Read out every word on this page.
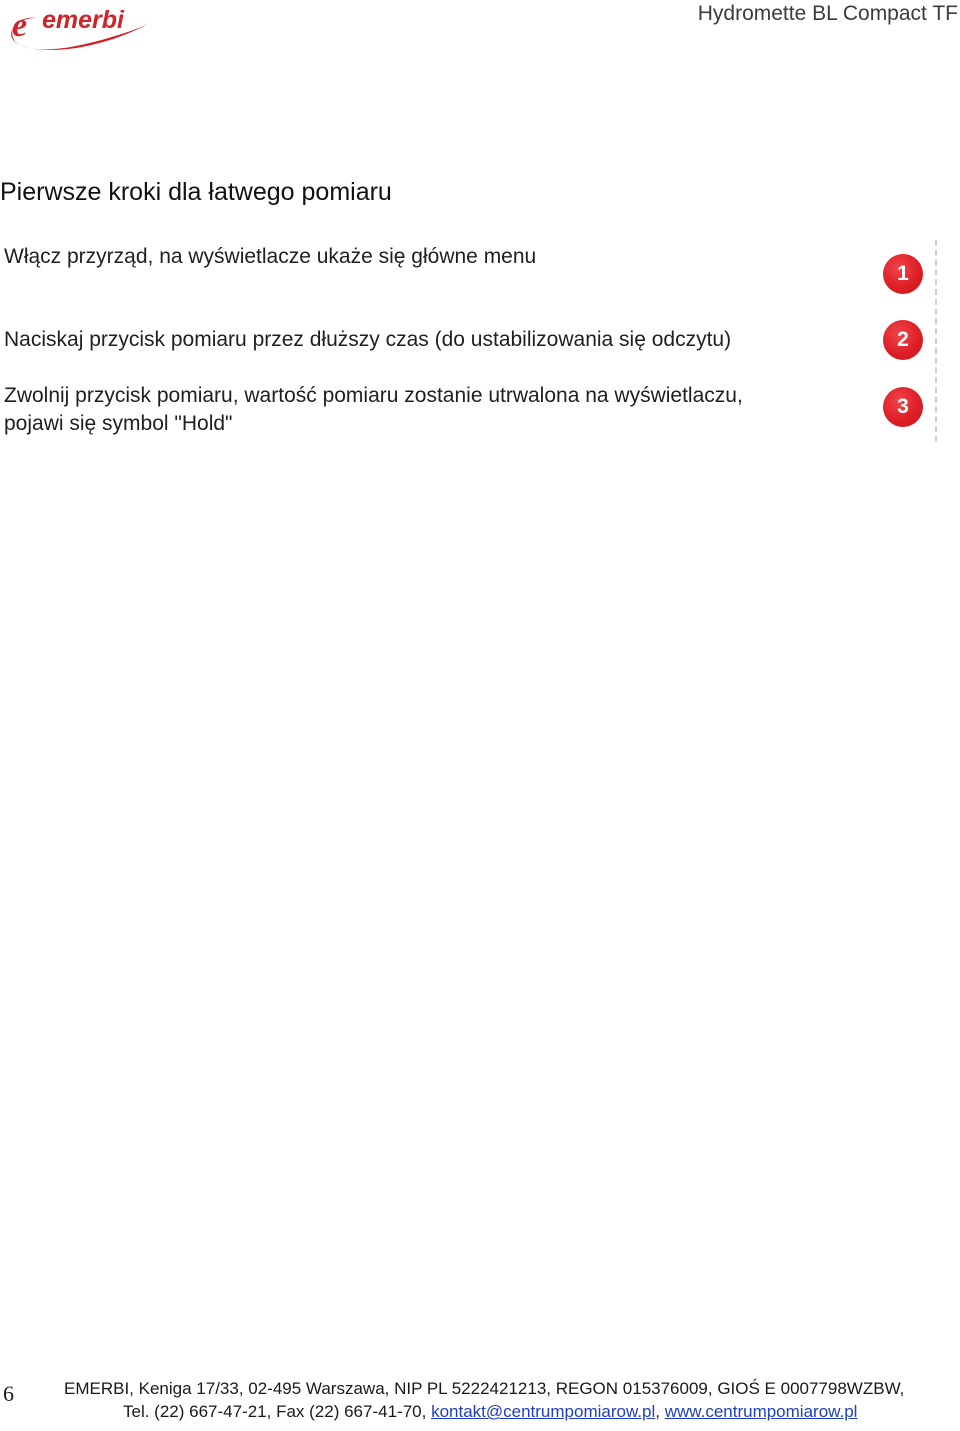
e emerbi	Hydromette BL Compact TF
Pierwsze kroki dla łatwego pomiaru
Włącz przyrząd, na wyświetlacze ukaże się główne menu
Naciskaj przycisk pomiaru przez dłuższy czas (do ustabilizowania się odczytu)
Zwolnij przycisk pomiaru, wartość pomiaru zostanie utrwalona na wyświetlaczu, pojawi się symbol "Hold"
1
2
3
6	EMERBI, Keniga 17/33, 02-495 Warszawa, NIP PL 5222421213, REGON 015376009, GIOŚ E 0007798WZBW,
Tel. (22) 667-47-21, Fax (22) 667-41-70, kontakt@centrumpomiarow.pl, www.centrumpomiarow.pl
